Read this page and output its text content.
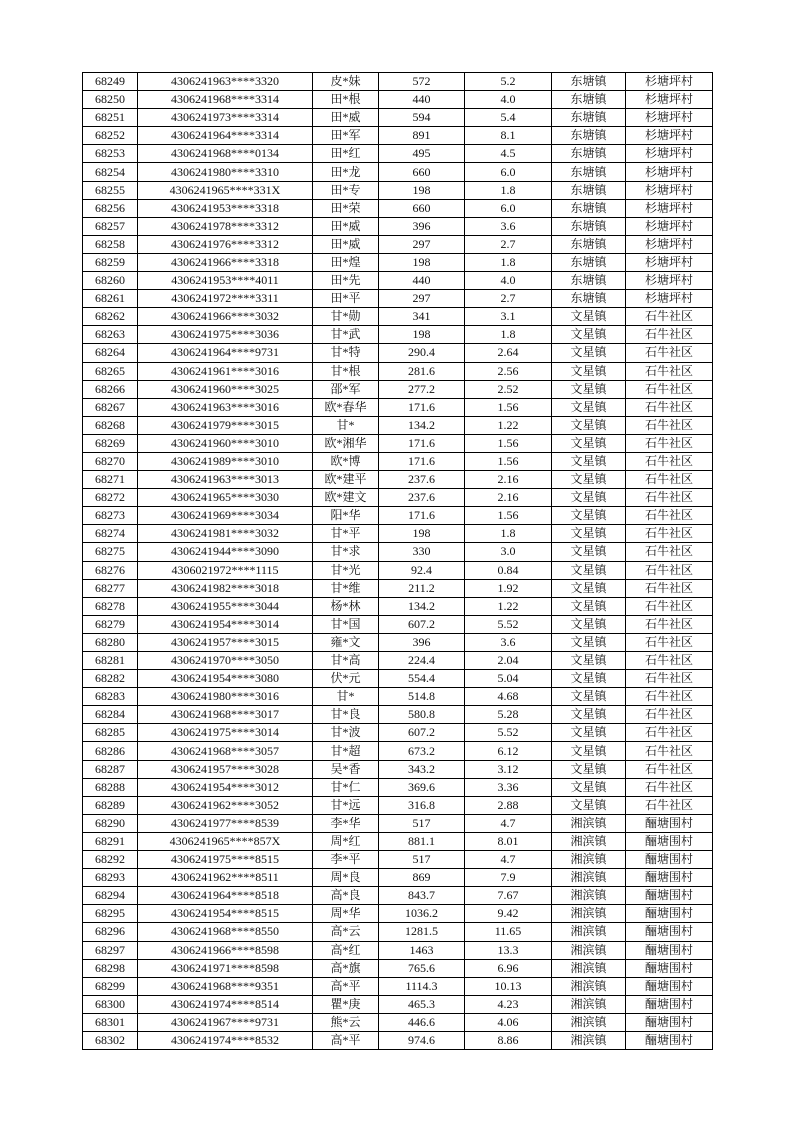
68249	4306241963****3320	皮*妹	572	5.2	东塘镇	杉塘坪村
68250	4306241968****3314	田*根	440	4.0	东塘镇	杉塘坪村
68251	4306241973****3314	田*威	594	5.4	东塘镇	杉塘坪村
68252	4306241964****3314	田*军	891	8.1	东塘镇	杉塘坪村
68253	4306241968****0134	田*红	495	4.5	东塘镇	杉塘坪村
68254	4306241980****3310	田*龙	660	6.0	东塘镇	杉塘坪村
68255	4306241965****331X	田*专	198	1.8	东塘镇	杉塘坪村
68256	4306241953****3318	田*荣	660	6.0	东塘镇	杉塘坪村
68257	4306241978****3312	田*威	396	3.6	东塘镇	杉塘坪村
68258	4306241976****3312	田*威	297	2.7	东塘镇	杉塘坪村
68259	4306241966****3318	田*煌	198	1.8	东塘镇	杉塘坪村
68260	4306241953****4011	田*先	440	4.0	东塘镇	杉塘坪村
68261	4306241972****3311	田*平	297	2.7	东塘镇	杉塘坪村
68262	4306241966****3032	甘*勋	341	3.1	文星镇	石牛社区
68263	4306241975****3036	甘*武	198	1.8	文星镇	石牛社区
68264	4306241964****9731	甘*特	290.4	2.64	文星镇	石牛社区
68265	4306241961****3016	甘*根	281.6	2.56	文星镇	石牛社区
68266	4306241960****3025	邵*军	277.2	2.52	文星镇	石牛社区
68267	4306241963****3016	欧*春华	171.6	1.56	文星镇	石牛社区
68268	4306241979****3015	甘*	134.2	1.22	文星镇	石牛社区
68269	4306241960****3010	欧*湘华	171.6	1.56	文星镇	石牛社区
68270	4306241989****3010	欧*博	171.6	1.56	文星镇	石牛社区
68271	4306241963****3013	欧*建平	237.6	2.16	文星镇	石牛社区
68272	4306241965****3030	欧*建文	237.6	2.16	文星镇	石牛社区
68273	4306241969****3034	阳*华	171.6	1.56	文星镇	石牛社区
68274	4306241981****3032	甘*平	198	1.8	文星镇	石牛社区
68275	4306241944****3090	甘*求	330	3.0	文星镇	石牛社区
68276	4306021972****1115	甘*光	92.4	0.84	文星镇	石牛社区
68277	4306241982****3018	甘*维	211.2	1.92	文星镇	石牛社区
68278	4306241955****3044	杨*林	134.2	1.22	文星镇	石牛社区
68279	4306241954****3014	甘*国	607.2	5.52	文星镇	石牛社区
68280	4306241957****3015	雍*文	396	3.6	文星镇	石牛社区
68281	4306241970****3050	甘*高	224.4	2.04	文星镇	石牛社区
68282	4306241954****3080	伏*元	554.4	5.04	文星镇	石牛社区
68283	4306241980****3016	甘*	514.8	4.68	文星镇	石牛社区
68284	4306241968****3017	甘*良	580.8	5.28	文星镇	石牛社区
68285	4306241975****3014	甘*波	607.2	5.52	文星镇	石牛社区
68286	4306241968****3057	甘*超	673.2	6.12	文星镇	石牛社区
68287	4306241957****3028	吴*香	343.2	3.12	文星镇	石牛社区
68288	4306241954****3012	甘*仁	369.6	3.36	文星镇	石牛社区
68289	4306241962****3052	甘*远	316.8	2.88	文星镇	石牛社区
68290	4306241977****8539	李*华	517	4.7	湘滨镇	酾塘围村
68291	4306241965****857X	周*红	881.1	8.01	湘滨镇	酾塘围村
68292	4306241975****8515	李*平	517	4.7	湘滨镇	酾塘围村
68293	4306241962****8511	周*良	869	7.9	湘滨镇	酾塘围村
68294	4306241964****8518	高*良	843.7	7.67	湘滨镇	酾塘围村
68295	4306241954****8515	周*华	1036.2	9.42	湘滨镇	酾塘围村
68296	4306241968****8550	高*云	1281.5	11.65	湘滨镇	酾塘围村
68297	4306241966****8598	高*红	1463	13.3	湘滨镇	酾塘围村
68298	4306241971****8598	高*旗	765.6	6.96	湘滨镇	酾塘围村
68299	4306241968****9351	高*平	1114.3	10.13	湘滨镇	酾塘围村
68300	4306241974****8514	瞿*庚	465.3	4.23	湘滨镇	酾塘围村
68301	4306241967****9731	熊*云	446.6	4.06	湘滨镇	酾塘围村
68302	4306241974****8532	高*平	974.6	8.86	湘滨镇	酾塘围村
